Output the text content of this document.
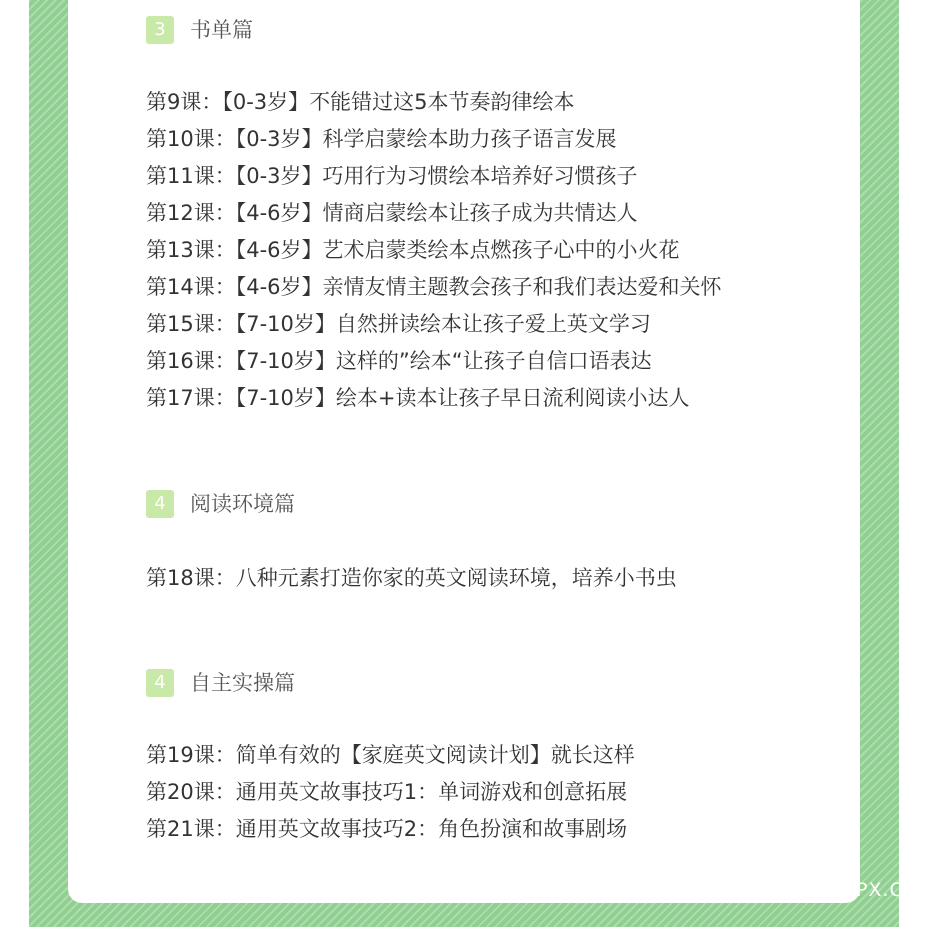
3	书单篇
第9课：【0-3岁】不能错过这5本节奏韵律绘本
第10课：【0-3岁】科学启蒙绘本助力孩子语言发展
第11课：【0-3岁】巧用行为习惯绘本培养好习惯孩子
第12课：【4-6岁】情商启蒙绘本让孩子成为共情达人
第13课：【4-6岁】艺术启蒙类绘本点燃孩子心中的小火花
第14课：【4-6岁】亲情友情主题教会孩子和我们表达爱和关怀
第15课：【7-10岁】自然拼读绘本让孩子爱上英文学习
第16课：【7-10岁】这样的”绘本“让孩子自信口语表达
第17课：【7-10岁】绘本+读本让孩子早日流利阅读小达人
4	阅读环境篇
第18课：八种元素打造你家的英文阅读环境，培养小书虫
4	自主实操篇
第19课：简单有效的【家庭英文阅读计划】就长这样
第20课：通用英文故事技巧1：单词游戏和创意拓展
第21课：通用英文故事技巧2：角色扮演和故事剧场
PX.CC
